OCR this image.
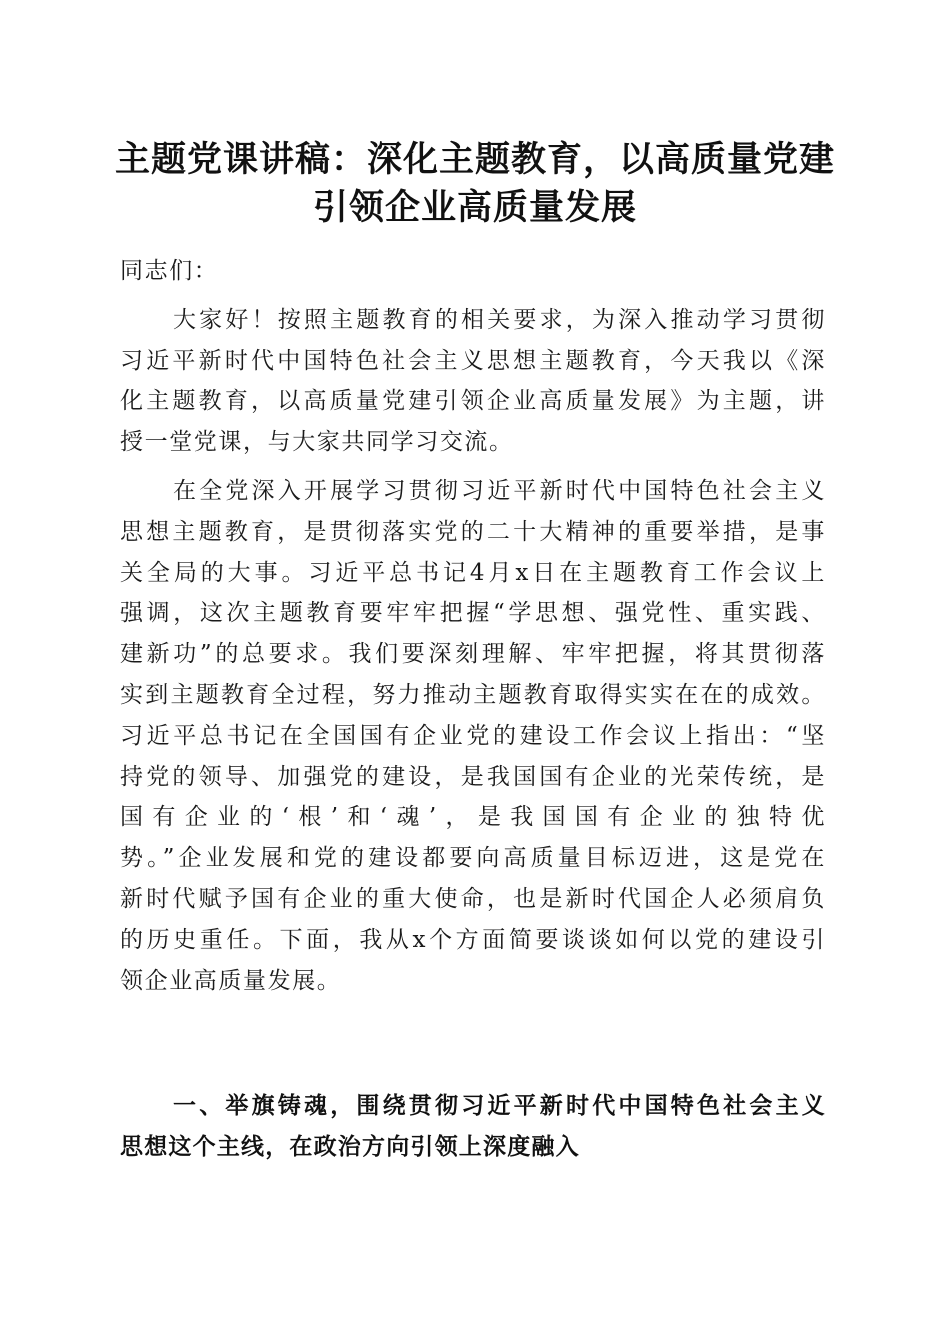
主题党课讲稿：深化主题教育，以高质量党建
引领企业高质量发展
同志们：
大家好！按照主题教育的相关要求，为深入推动学习贯彻
习近平新时代中国特色社会主义思想主题教育，今天我以《深
化主题教育，以高质量党建引领企业高质量发展》为主题，讲
授一堂党课，与大家共同学习交流。
在全党深入开展学习贯彻习近平新时代中国特色社会主义
思想主题教育，是贯彻落实党的二十大精神的重要举措，是事
关全局的大事。习近平总书记4月x日在主题教育工作会议上
强调，这次主题教育要牢牢把握“学思想、强党性、重实践、
建新功”的总要求。我们要深刻理解、牢牢把握，将其贯彻落
实到主题教育全过程，努力推动主题教育取得实实在在的成效。
习近平总书记在全国国有企业党的建设工作会议上指出：“坚
持党的领导、加强党的建设，是我国国有企业的光荣传统，是
国有企业的‘根’和‘魂’，是我国国有企业的独特优
势。”企业发展和党的建设都要向高质量目标迈进，这是党在
新时代赋予国有企业的重大使命，也是新时代国企人必须肩负
的历史重任。下面，我从x个方面简要谈谈如何以党的建设引
领企业高质量发展。
一、举旗铸魂，围绕贯彻习近平新时代中国特色社会主义
思想这个主线，在政治方向引领上深度融入
